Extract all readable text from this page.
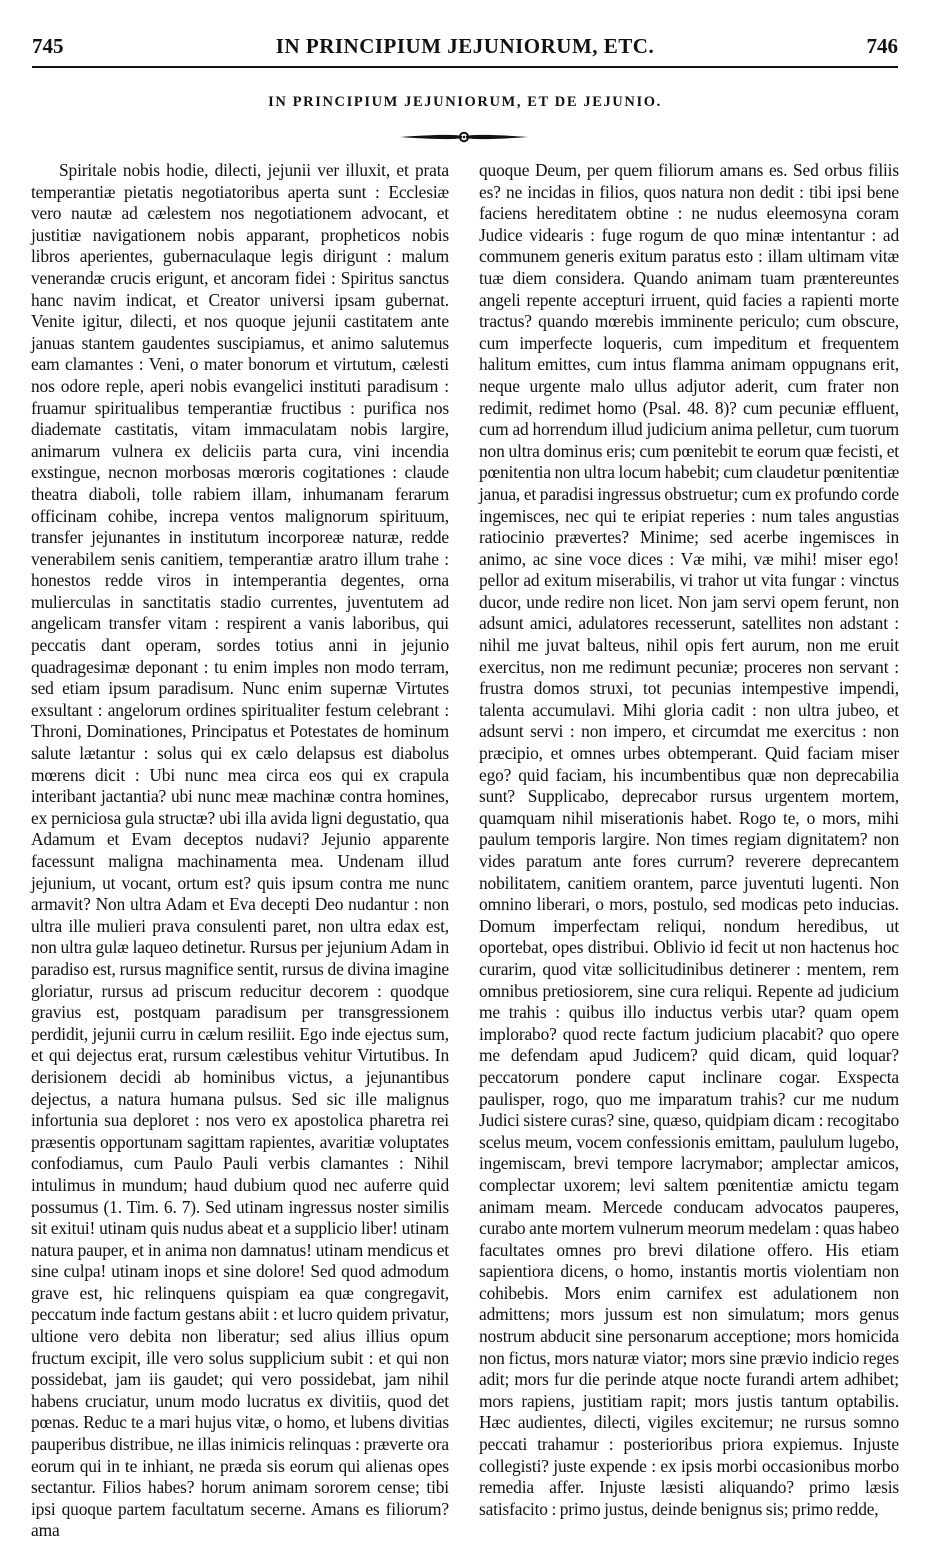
745	IN PRINCIPIUM JEJUNIORUM, ETC.	746
IN PRINCIPIUM JEJUNIORUM, ET DE JEJUNIO.

Spiritale nobis hodie, dilecti, jejunii ver illuxit, et prata temperantiæ pietatis negotiatoribus aperta sunt : Ecclesiæ vero nautæ ad cælestem nos negotiationem advocant, et justitiæ navigationem nobis apparant, propheticos nobis libros aperientes, gubernaculaque legis dirigunt : malum venerandæ crucis erigunt, et ancoram fidei : Spiritus sanctus hanc navim indicat, et Creator universi ipsam gubernat. Venite igitur, dilecti, et nos quoque jejunii castitatem ante januas stantem gaudentes suscipiamus, et animo salutemus eam clamantes : Veni, o mater bonorum et virtutum, cælesti nos odore reple, aperi nobis evangelici instituti paradisum : fruamur spiritualibus temperantiæ fructibus : purifica nos diademate castitatis, vitam immaculatam nobis largire, animarum vulnera ex deliciis parta cura, vini incendia exstingue, necnon morbosas mœroris cogitationes : claude theatra diaboli, tolle rabiem illam, inhumanam ferarum officinam cohibe, increpa ventos malignorum spirituum, transfer jejunantes in institutum incorporeæ naturæ, redde venerabilem senis canitiem, temperantiæ aratro illum trahe : honestos redde viros in intemperantia degentes, orna mulierculas in sanctitatis stadio currentes, juventutem ad angelicam transfer vitam : respirent a vanis laboribus, qui peccatis dant operam, sordes totius anni in jejunio quadragesimæ deponant : tu enim imples non modo terram, sed etiam ipsum paradisum. Nunc enim supernæ Virtutes exsultant : angelorum ordines spiritualiter festum celebrant : Throni, Dominationes, Principatus et Potestates de hominum salute lætantur : solus qui ex cælo delapsus est diabolus mœrens dicit : Ubi nunc mea circa eos qui ex crapula interibant jactantia? ubi nunc meæ machinæ contra homines, ex perniciosa gula structæ? ubi illa avida ligni degustatio, qua Adamum et Evam deceptos nudavi? Jejunio apparente facessunt maligna machinamenta mea. Undenam illud jejunium, ut vocant, ortum est? quis ipsum contra me nunc armavit? Non ultra Adam et Eva decepti Deo nudantur : non ultra ille mulieri prava consulenti paret, non ultra edax est, non ultra gulæ laqueo detinetur. Rursus per jejunium Adam in paradiso est, rursus magnifice sentit, rursus de divina imagine gloriatur, rursus ad priscum reducitur decorem : quodque gravius est, postquam paradisum per transgressionem perdidit, jejunii curru in cælum resiliit. Ego inde ejectus sum, et qui dejectus erat, rursum cælestibus vehitur Virtutibus. In derisionem decidi ab hominibus victus, a jejunantibus dejectus, a natura humana pulsus. Sed sic ille malignus infortunia sua deploret : nos vero ex apostolica pharetra rei præsentis opportunam sagittam rapientes, avaritiæ voluptates confodiamus, cum Paulo Pauli verbis clamantes : Nihil intulimus in mundum; haud dubium quod nec auferre quid possumus (1. Tim. 6. 7). Sed utinam ingressus noster similis sit exitui! utinam quis nudus abeat et a supplicio liber! utinam natura pauper, et in anima non damnatus! utinam mendicus et sine culpa! utinam inops et sine dolore! Sed quod admodum grave est, hic relinquens quispiam ea quæ congregavit, peccatum inde factum gestans abiit : et lucro quidem privatur, ultione vero debita non liberatur; sed alius illius opum fructum excipit, ille vero solus supplicium subit : et qui non possidebat, jam iis gaudet; qui vero possidebat, jam nihil habens cruciatur, unum modo lucratus ex divitiis, quod det pœnas. Reduc te a mari hujus vitæ, o homo, et lubens divitias pauperibus distribue, ne illas inimicis relinquas : præverte ora eorum qui in te inhiant, ne præda sis eorum qui alienas opes sectantur. Filios habes? horum animam sororem cense; tibi ipsi quoque partem facultatum secerne. Amans es filiorum? ama

quoque Deum, per quem filiorum amans es. Sed orbus filiis es? ne incidas in filios, quos natura non dedit : tibi ipsi bene faciens hereditatem obtine : ne nudus eleemosyna coram Judice videaris : fuge rogum de quo minæ intentantur : ad communem generis exitum paratus esto : illam ultimam vitæ tuæ diem considera. Quando animam tuam præntereuntes angeli repente accepturi irruent, quid facies a rapienti morte tractus? quando mœrebis imminente periculo; cum obscure, cum imperfecte loqueris, cum impeditum et frequentem halitum emittes, cum intus flamma animam oppugnans erit, neque urgente malo ullus adjutor aderit, cum frater non redimit, redimet homo (Psal. 48. 8)? cum pecuniæ effluent, cum ad horrendum illud judicium anima pelletur, cum tuorum non ultra dominus eris; cum pœnitebit te eorum quæ fecisti, et pœnitentia non ultra locum habebit; cum claudetur pœnitentiæ janua, et paradisi ingressus obstruetur; cum ex profundo corde ingemisces, nec qui te eripiat reperies : num tales angustias ratiocinio prævertes? Minime; sed acerbe ingemisces in animo, ac sine voce dices : Væ mihi, væ mihi! miser ego! pellor ad exitum miserabilis, vi trahor ut vita fungar : vinctus ducor, unde redire non licet. Non jam servi opem ferunt, non adsunt amici, adulatores recesserunt, satellites non adstant : nihil me juvat balteus, nihil opis fert aurum, non me eruit exercitus, non me redimunt pecuniæ; proceres non servant : frustra domos struxi, tot pecunias intempestive impendi, talenta accumulavi. Mihi gloria cadit : non ultra jubeo, et adsunt servi : non impero, et circumdat me exercitus : non præcipio, et omnes urbes obtemperant. Quid faciam miser ego? quid faciam, his incumbentibus quæ non deprecabilia sunt? Supplicabo, deprecabor rursus urgentem mortem, quamquam nihil miserationis habet. Rogo te, o mors, mihi paulum temporis largire. Non times regiam dignitatem? non vides paratum ante fores currum? reverere deprecantem nobilitatem, canitiem orantem, parce juventuti lugenti. Non omnino liberari, o mors, postulo, sed modicas peto inducias. Domum imperfectam reliqui, nondum heredibus, ut oportebat, opes distribui. Oblivio id fecit ut non hactenus hoc curarim, quod vitæ sollicitudinibus detinerer : mentem, rem omnibus pretiosiorem, sine cura reliqui. Repente ad judicium me trahis : quibus illo inductus verbis utar? quam opem implorabo? quod recte factum judicium placabit? quo opere me defendam apud Judicem? quid dicam, quid loquar? peccatorum pondere caput inclinare cogar. Exspecta paulisper, rogo, quo me imparatum trahis? cur me nudum Judici sistere curas? sine, quæso, quidpiam dicam : recogitabo scelus meum, vocem confessionis emittam, paululum lugebo, ingemiscam, brevi tempore lacrymabor; amplectar amicos, complectar uxorem; levi saltem pœnitentiæ amictu tegam animam meam. Mercede conducam advocatos pauperes, curabo ante mortem vulnerum meorum medelam : quas habeo facultates omnes pro brevi dilatione offero. His etiam sapientiora dicens, o homo, instantis mortis violentiam non cohibebis. Mors enim carnifex est adulationem non admittens; mors jussum est non simulatum; mors genus nostrum abducit sine personarum acceptione; mors homicida non fictus, mors naturæ viator; mors sine prævio indicio reges adit; mors fur die perinde atque nocte furandi artem adhibet; mors rapiens, justitiam rapit; mors justis tantum optabilis. Hæc audientes, dilecti, vigiles excitemur; ne rursus somno peccati trahamur : posterioribus priora expiemus. Injuste collegisti? juste expende : ex ipsis morbi occasionibus morbo remedia affer. Injuste læsisti aliquando? primo læsis satisfacito : primo justus, deinde benignus sis; primo redde,
